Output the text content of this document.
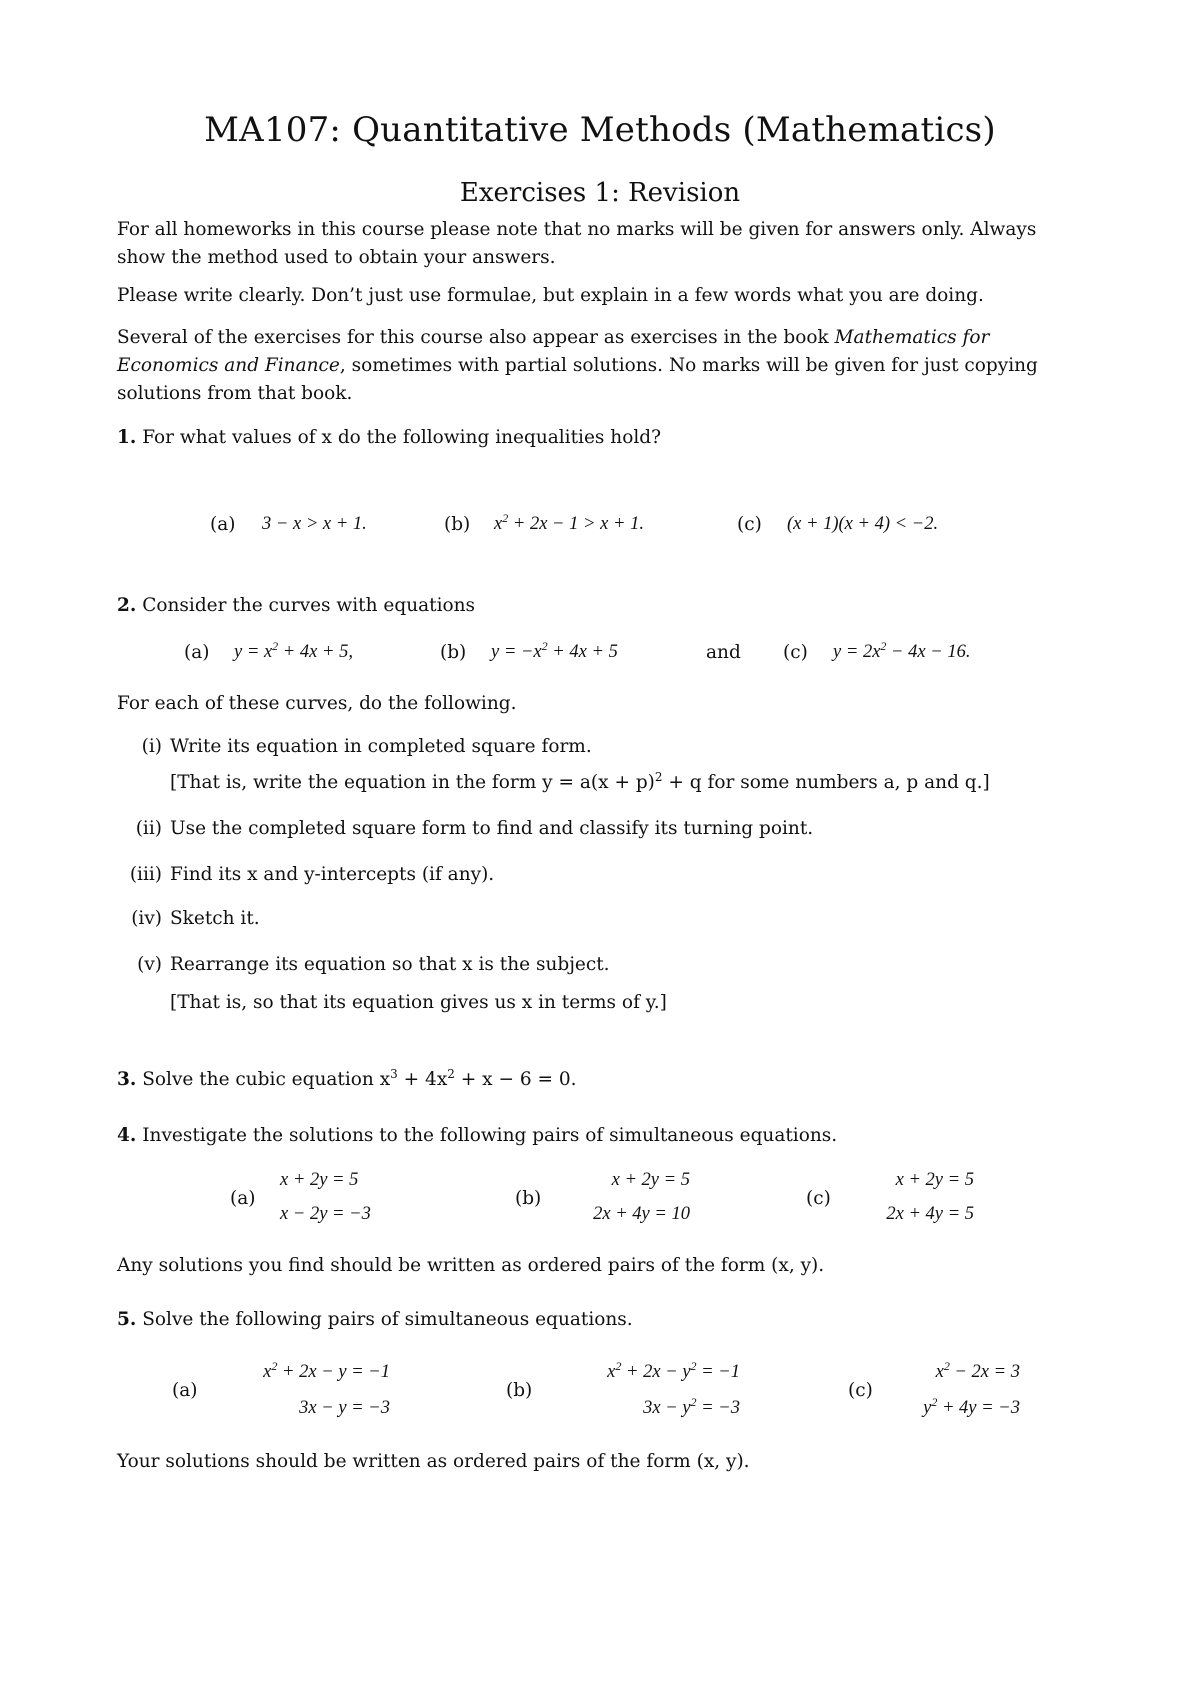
MA107: Quantitative Methods (Mathematics)
Exercises 1: Revision
For all homeworks in this course please note that no marks will be given for answers only. Always show the method used to obtain your answers.
Please write clearly. Don’t just use formulae, but explain in a few words what you are doing.
Several of the exercises for this course also appear as exercises in the book Mathematics for Economics and Finance, sometimes with partial solutions. No marks will be given for just copying solutions from that book.
1. For what values of x do the following inequalities hold?
(a) 3 − x > x + 1.	(b) $x^2 + 2x - 1 > x + 1$.	(c) (x + 1)(x + 4) < −2.
2. Consider the curves with equations
(a) $y = x^2 + 4x + 5$,	(b) $y = -x^2 + 4x + 5$	and (c) $y = 2x^2 - 4x - 16$.
For each of these curves, do the following.
(i) Write its equation in completed square form.
[That is, write the equation in the form $y = a(x + p)^2 + q$ for some numbers a, p and q.]
(ii) Use the completed square form to find and classify its turning point.
(iii) Find its x and y-intercepts (if any).
(iv) Sketch it.
(v) Rearrange its equation so that x is the subject.
[That is, so that its equation gives us x in terms of y.]
3. Solve the cubic equation $x^3 + 4x^2 + x - 6 = 0$.
4. Investigate the solutions to the following pairs of simultaneous equations.
(a)
x + 2y = 5
x − 2y = −3
(b)
x + 2y = 5
2x + 4y = 10
(c)
x + 2y = 5
2x + 4y = 5
Any solutions you find should be written as ordered pairs of the form (x, y).
5. Solve the following pairs of simultaneous equations.
(a)
$x^2 + 2x - y = -1$
3x − y = −3
(b)
$x^2 + 2x - y^2 = -1$
$3x - y^2 = -3$
(c)
$x^2 - 2x = 3$
$y^2 + 4y = -3$
Your solutions should be written as ordered pairs of the form (x, y).
